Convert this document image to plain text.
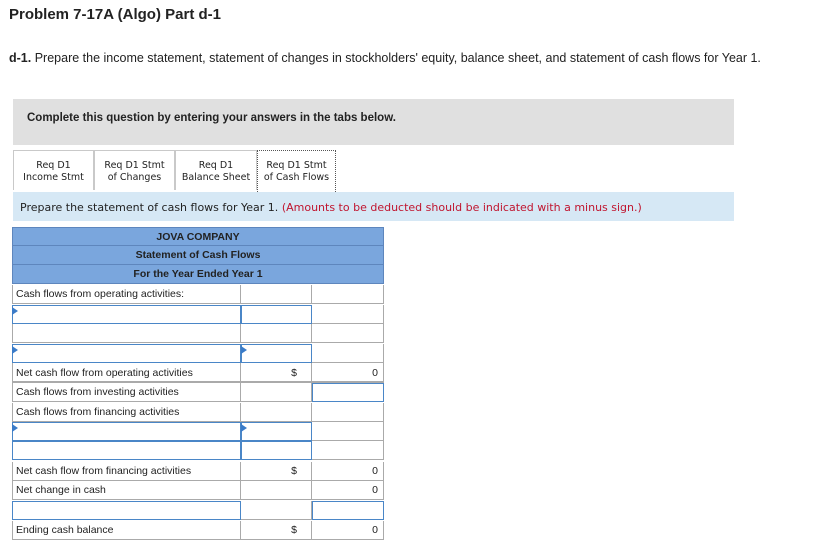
Problem 7-17A (Algo) Part d-1
d-1. Prepare the income statement, statement of changes in stockholders' equity, balance sheet, and statement of cash flows for Year 1.
Complete this question by entering your answers in the tabs below.
Req D1
Income Stmt
Req D1 Stmt
of Changes
Req D1
Balance Sheet
Req D1 Stmt
of Cash Flows
Prepare the statement of cash flows for Year 1. (Amounts to be deducted should be indicated with a minus sign.)
JOVA COMPANY
Statement of Cash Flows
For the Year Ended Year 1
Cash flows from operating activities:
Net cash flow from operating activities	$	0
Cash flows from investing activities
Cash flows from financing activities
Net cash flow from financing activities	$	0
Net change in cash	0
Ending cash balance	$	0
